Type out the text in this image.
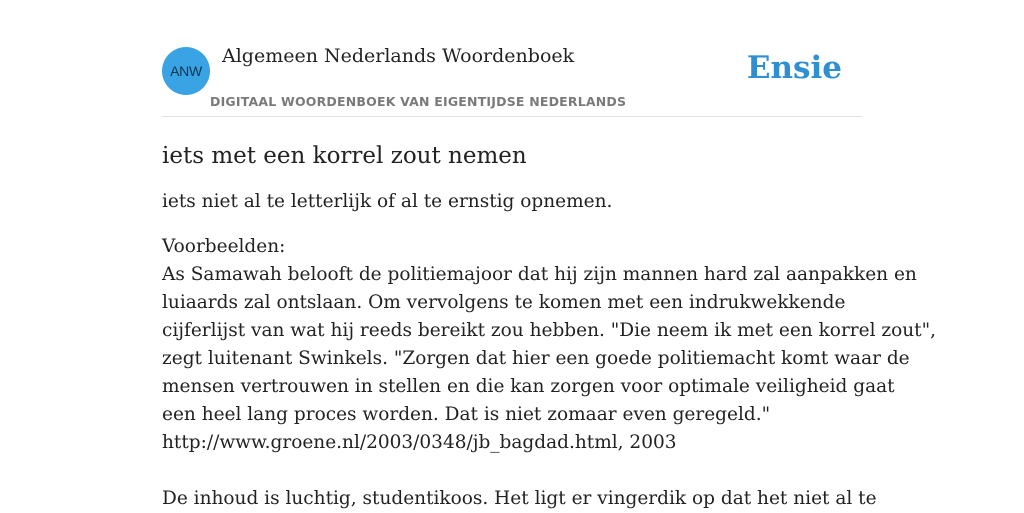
ANW
Algemeen Nederlands Woordenboek
DIGITAAL WOORDENBOEK VAN EIGENTIJDSE NEDERLANDS
Ensie
iets met een korrel zout nemen

iets niet al te letterlijk of al te ernstig opnemen.

Voorbeelden:
As Samawah belooft de politiemajoor dat hij zijn mannen hard zal aanpakken en
luiaards zal ontslaan. Om vervolgens te komen met een indrukwekkende
cijferlijst van wat hij reeds bereikt zou hebben. "Die neem ik met een korrel zout",
zegt luitenant Swinkels. "Zorgen dat hier een goede politiemacht komt waar de
mensen vertrouwen in stellen en die kan zorgen voor optimale veiligheid gaat
een heel lang proces worden. Dat is niet zomaar even geregeld."
http://www.groene.nl/2003/0348/jb_bagdad.html, 2003
De inhoud is luchtig, studentikoos. Het ligt er vingerdik op dat het niet al te
